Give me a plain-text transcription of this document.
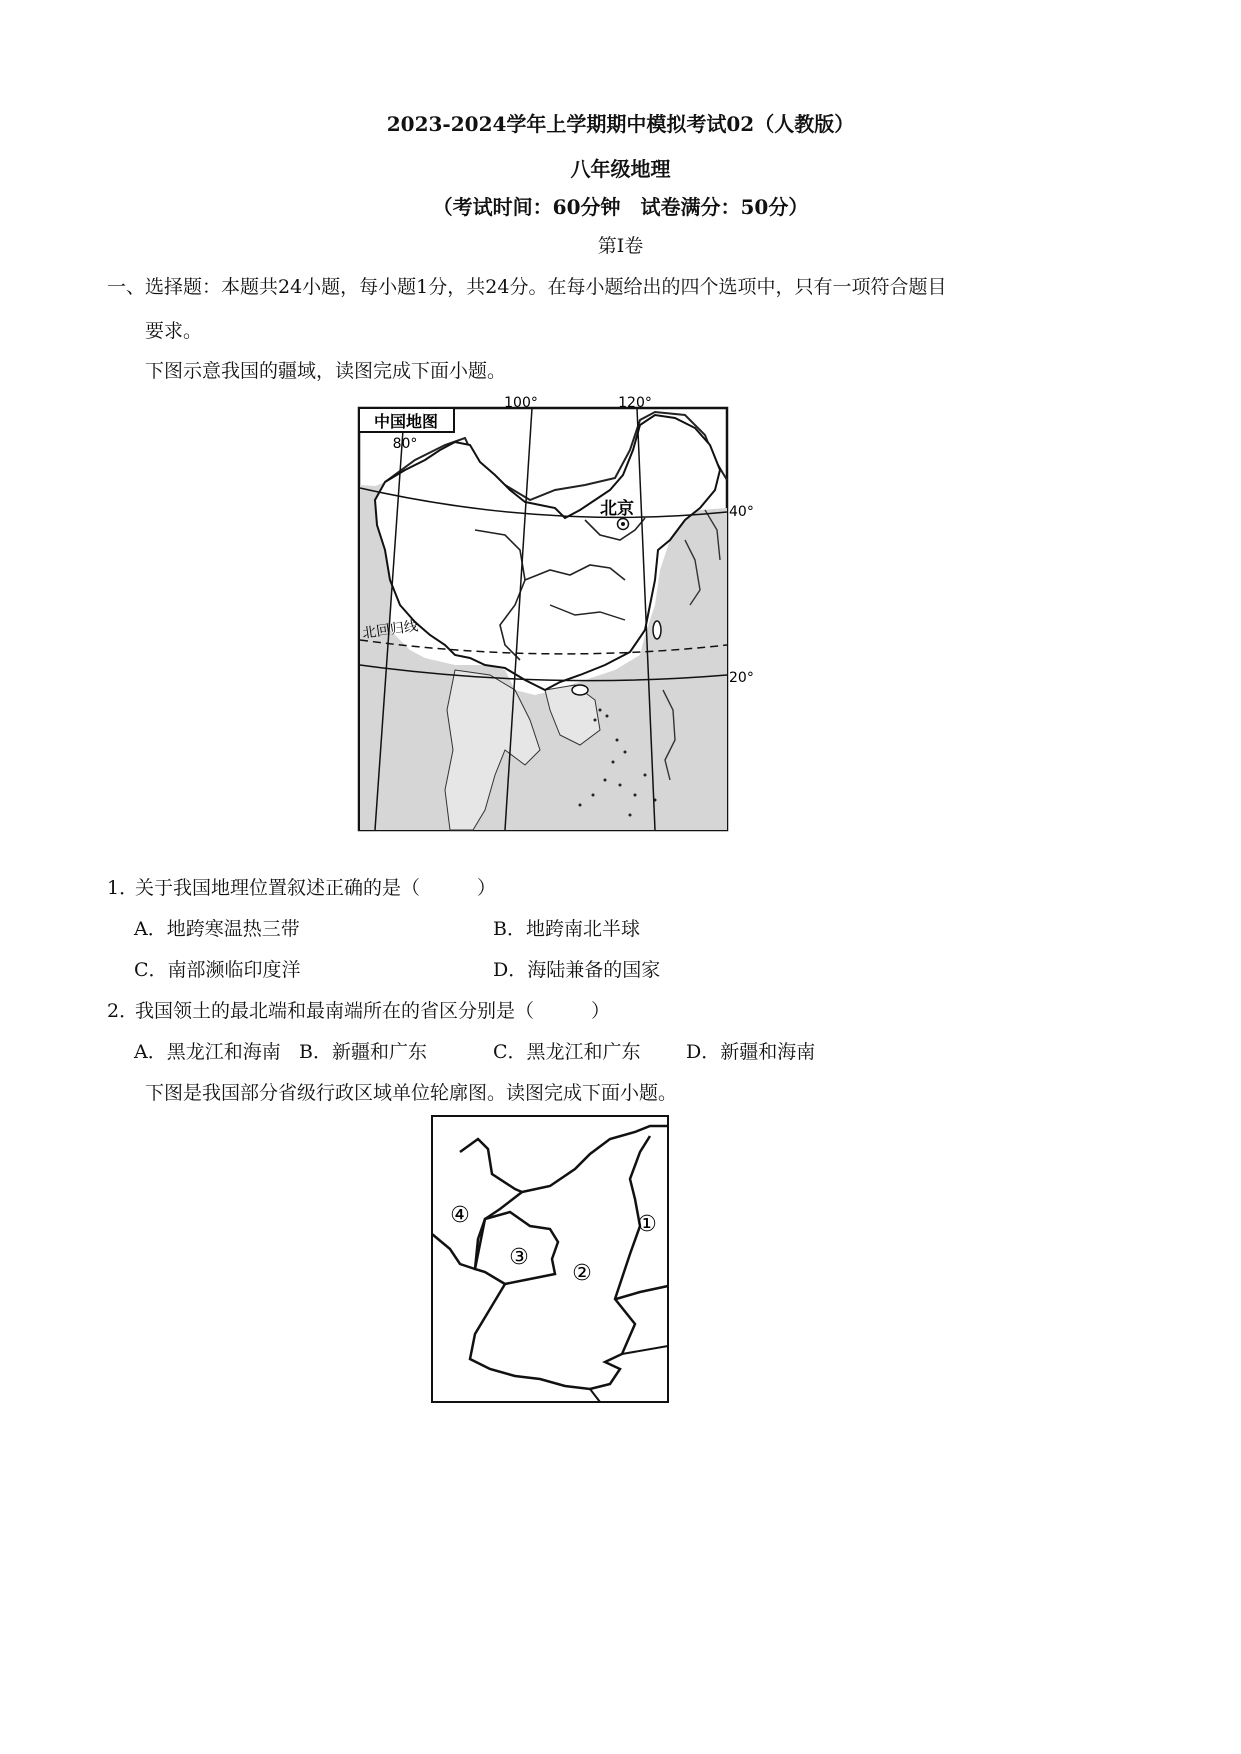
2023-2024学年上学期期中模拟考试02（人教版）
八年级地理
（考试时间：60分钟　试卷满分：50分）
第Ⅰ卷
一、选择题：本题共24小题，每小题1分，共24分。在每小题给出的四个选项中，只有一项符合题目
要求。
下图示意我国的疆域，读图完成下面小题。
中国地图
100°	120°
80°
40°
20°
北京
北回归线
1．
关于我国地理位置叙述正确的是（　　　）
A．地跨寒温热三带	B．地跨南北半球
C．南部濒临印度洋	D．海陆兼备的国家
2．
我国领土的最北端和最南端所在的省区分别是（　　　）
A．黑龙江和海南 B．新疆和广东	C．黑龙江和广东 D．新疆和海南
下图是我国部分省级行政区域单位轮廓图。读图完成下面小题。
④
③
②
①
